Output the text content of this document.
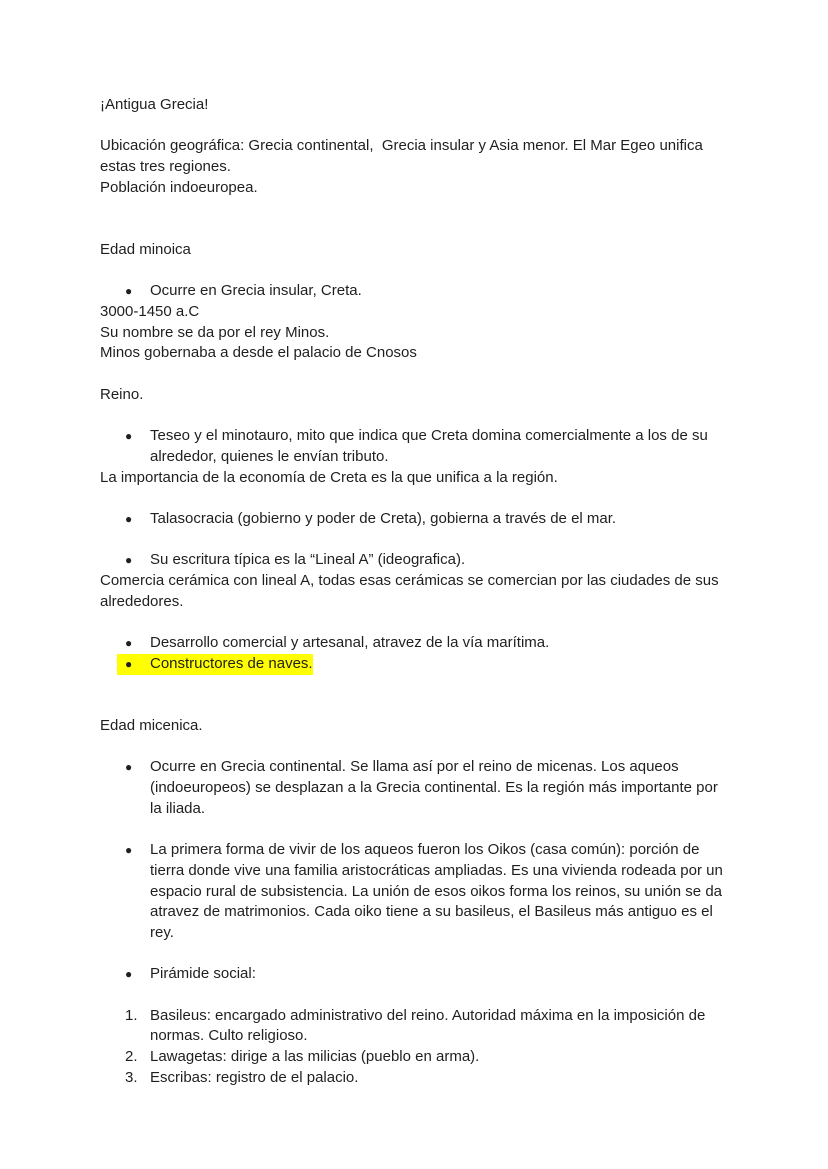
¡Antigua Grecia!

Ubicación geográfica: Grecia continental,  Grecia insular y Asia menor. El Mar Egeo unifica estas tres regiones.

Población indoeuropea.

Edad minoica

●	Ocurre en Grecia insular, Creta.

3000-1450 a.C

Su nombre se da por el rey Minos.

Minos gobernaba a desde el palacio de Cnosos

Reino.

●	Teseo y el minotauro, mito que indica que Creta domina comercialmente a los de su alrededor, quienes le envían tributo.

La importancia de la economía de Creta es la que unifica a la región.

●	Talasocracia (gobierno y poder de Creta), gobierna a través de el mar.
●	Su escritura típica es la “Lineal A” (ideografica).

Comercia cerámica con lineal A, todas esas cerámicas se comercian por las ciudades de sus alrededores.

●	Desarrollo comercial y artesanal, atravez de la vía marítima.
●	Constructores de naves.

Edad micenica.

●	Ocurre en Grecia continental. Se llama así por el reino de micenas. Los aqueos (indoeuropeos) se desplazan a la Grecia continental. Es la región más importante por la iliada.
●	La primera forma de vivir de los aqueos fueron los Oikos (casa común): porción de tierra donde vive una familia aristocráticas ampliadas. Es una vivienda rodeada por un espacio rural de subsistencia. La unión de esos oikos forma los reinos, su unión se da atravez de matrimonios. Cada oiko tiene a su basileus, el Basileus más antiguo es el rey.
●	Pirámide social:
1. Basileus: encargado administrativo del reino. Autoridad máxima en la imposición de normas. Culto religioso.
2. Lawagetas: dirige a las milicias (pueblo en arma).
3. Escribas: registro de el palacio.
